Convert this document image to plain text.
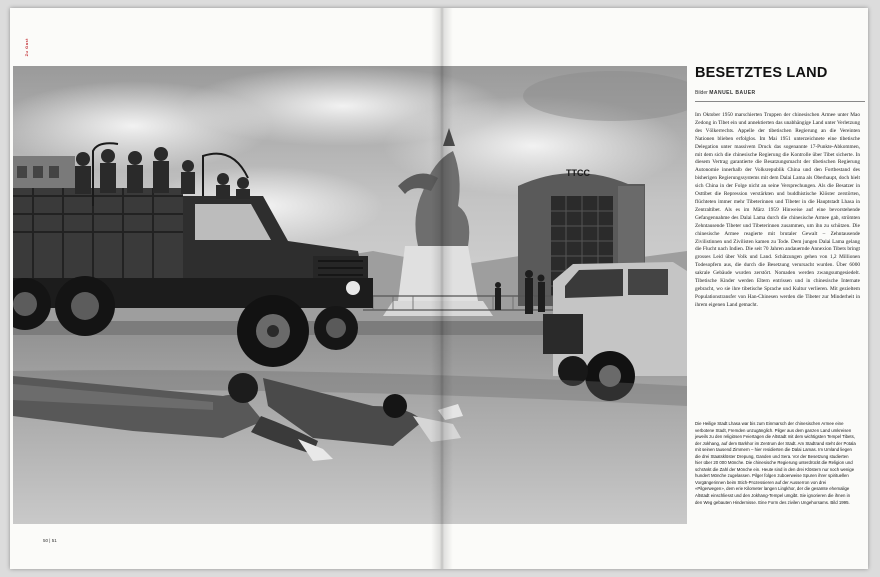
Zu Gast
TTCC
BESETZTES LAND
Bilder MANUEL BAUER
Im Oktober 1950 marschierten Truppen der chinesischen Armee unter Mao Zedong in Tibet ein und annektierten das unabhängige Land unter Verletzung des Völkerrechts. Appelle der tibetischen Regierung an die Vereinten Nationen blieben erfolglos. Im Mai 1951 unterzeichnete eine tibetische Delegation unter massivem Druck das sogenannte 17-Punkte-Abkommen, mit dem sich die chinesische Regierung die Kontrolle über Tibet sicherte. In diesem Vertrag garantierte die Besatzungsmacht der tibetischen Regierung Autonomie innerhalb der Volksrepublik China und den Fortbestand des bisherigen Regierungssystems mit dem Dalai Lama als Oberhaupt, doch hielt sich China in der Folge nicht an seine Versprechungen. Als die Besatzer in Osttibet die Repression verstärkten und buddhistische Klöster zerstörten, flüchteten immer mehr Tibeterinnen und Tibeter in die Hauptstadt Lhasa in Zentraltibet. Als es im März 1959 Hinweise auf eine bevorstehende Gefangennahme des Dalai Lama durch die chinesische Armee gab, strömten Zehntausende Tibeter und Tibeterinnen zusammen, um ihn zu schützen. Die chinesische Armee reagierte mit brutaler Gewalt – Zehntausende Zivilistinnen und Zivilisten kamen zu Tode. Dem jungen Dalai Lama gelang die Flucht nach Indien. Die seit 70 Jahren andauernde Annexion Tibets bringt grosses Leid über Volk und Land. Schätzungen gehen von 1,2 Millionen Todesopfern aus, die durch die Besetzung verursacht wurden. Über 6000 sakrale Gebäude wurden zerstört. Nomaden werden zwangsumgesiedelt. Tibetische Kinder werden Eltern entrissen und in chinesische Internate gebracht, wo sie ihre tibetische Sprache und Kultur verlieren. Mit gezieltem Populationstransfer von Han-Chinesen werden die Tibeter zur Minderheit in ihrem eigenen Land gemacht.
Die Heilige Stadt Lhasa war bis zum Einmarsch der chinesischen Armee eine verbotene Stadt, Fremden unzugänglich. Pilger aus dem ganzen Land umkreisen jeweils zu den religiösen Feiertagen die Altstadt mit dem wichtigsten Tempel Tibets, der Jokhang, auf dem Barkhor im Zentrum der Stadt. Am Stadtrand steht der Potala mit seinen tausend Zimmern – hier residierten die Dalai Lamas. Im Umland liegen die drei Staatsklöster Drepung, Ganden und Sera. Vor der Besetzung studierten hier über 20 000 Mönche. Die chinesische Regierung unterdrückt die Religion und schränkt die Zahl der Mönche ein. Heute sind in den drei Klöstern nur noch wenige hundert Mönche zugelassen. Pilger folgen zuboerweise Spuren ihrer spirituellen Vorgängerinnen beim Stich-Prozessieren auf der Ausserron von drei «Pilgerwegen», dem erie Kilometer langen Lingkhor, der die gesamte ehemalige Altstadt einschliesst und den Jokhang-Tempel umgibt. Sie ignorieren die ihnen in den Weg gebauten Hindernisse. Eine Form des zivilen Ungehorsams. Bild 1995.
50 | 51
